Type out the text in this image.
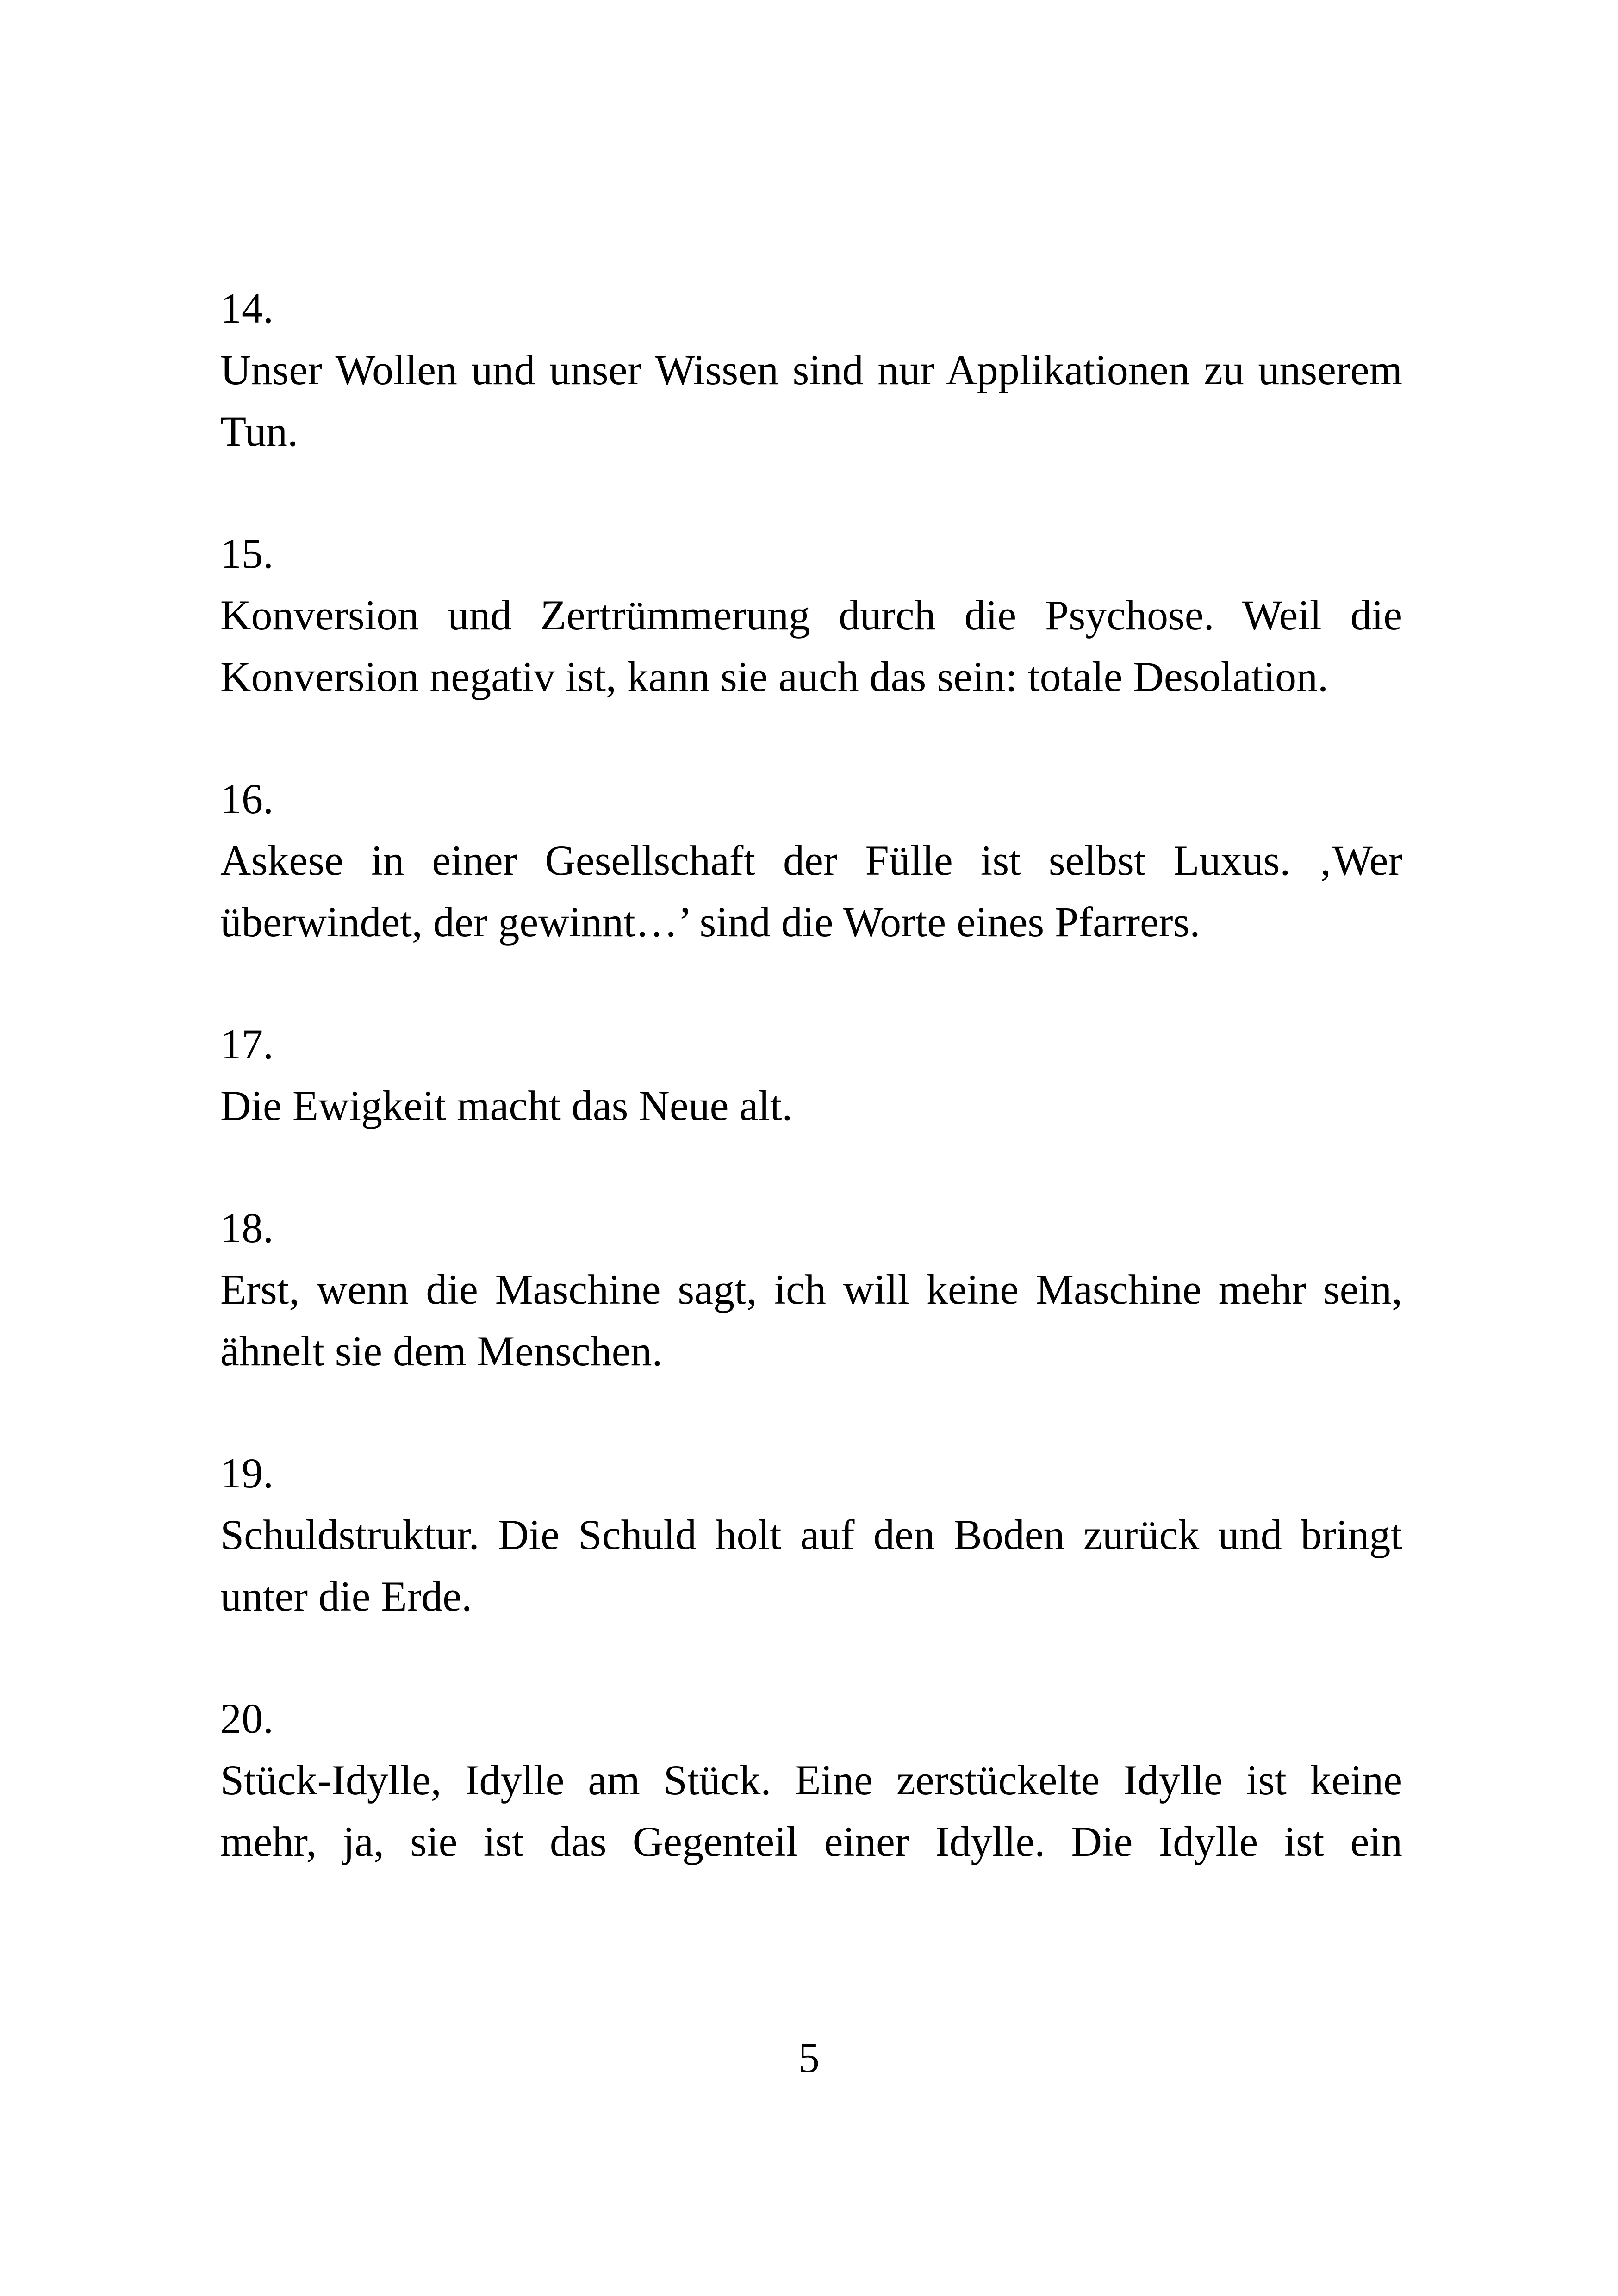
14.
Unser Wollen und unser Wissen sind nur Applikationen zu unserem Tun.
15.
Konversion und Zertrümmerung durch die Psychose. Weil die Konversion negativ ist, kann sie auch das sein: totale Desolation.
16.
Askese in einer Gesellschaft der Fülle ist selbst Luxus. ‚Wer überwindet, der gewinnt…’ sind die Worte eines Pfarrers.
17.
Die Ewigkeit macht das Neue alt.
18.
Erst, wenn die Maschine sagt, ich will keine Maschine mehr sein, ähnelt sie dem Menschen.
19.
Schuldstruktur. Die Schuld holt auf den Boden zurück und bringt unter die Erde.
20.
Stück-Idylle, Idylle am Stück. Eine zerstückelte Idylle ist keine mehr, ja, sie ist das Gegenteil einer Idylle. Die Idylle ist ein
5
